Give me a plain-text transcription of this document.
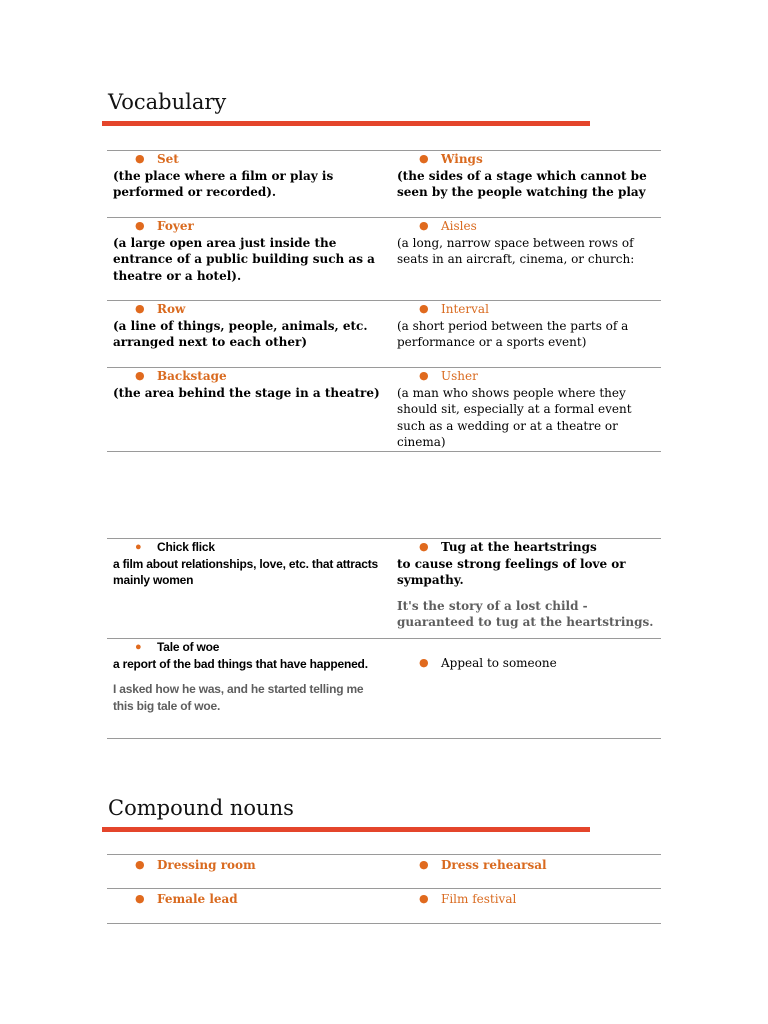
Vocabulary
● Set
(the place where a film or play is performed or recorded).	● Wings
(the sides of a stage which cannot be seen by the people watching the play

● Foyer
(a large open area just inside the entrance of a public building such as a theatre or a hotel).	● Aisles
(a long, narrow space between rows of seats in an aircraft, cinema, or church:

● Row
(a line of things, people, animals, etc. arranged next to each other)	● Interval
(a short period between the parts of a performance or a sports event)

● Backstage
(the area behind the stage in a theatre)	● Usher
(a man who shows people where they should sit, especially at a formal event such as a wedding or at a theatre or cinema)
● Chick flick
a film about relationships, love, etc. that attracts mainly women	● Tug at the heartstrings
to cause strong feelings of love or sympathy.
It's the story of a lost child - guaranteed to tug at the heartstrings.

● Tale of woe
a report of the bad things that have happened.
I asked how he was, and he started telling me this big tale of woe.	● Appeal to someone
Compound nouns
● Dressing room	● Dress rehearsal

● Female lead	● Film festival
